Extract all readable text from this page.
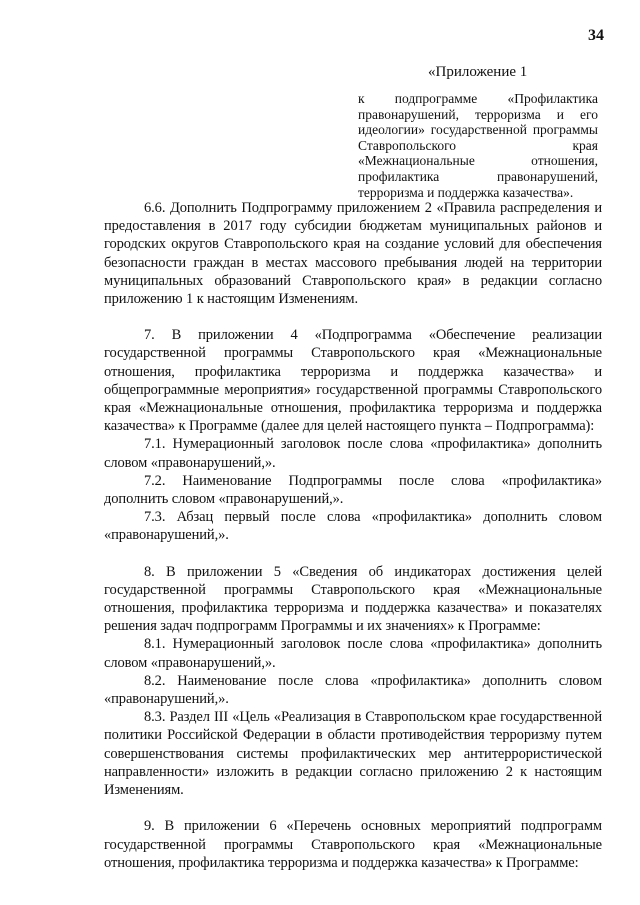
34
«Приложение 1
к подпрограмме «Профилактика правонарушений, терроризма и его идеологии» государственной программы Ставропольского края «Межнациональные отношения, профилактика правонарушений, терроризма и поддержка казачества».

6.6. Дополнить Подпрограмму приложением 2 «Правила распределения и предоставления в 2017 году субсидии бюджетам муниципальных районов и городских округов Ставропольского края на создание условий для обеспечения безопасности граждан в местах массового пребывания людей на территории муниципальных образований Ставропольского края» в редакции согласно приложению 1 к настоящим Изменениям.

7. В приложении 4 «Подпрограмма «Обеспечение реализации государственной программы Ставропольского края «Межнациональные отношения, профилактика терроризма и поддержка казачества» и общепрограммные мероприятия» государственной программы Ставропольского края «Межнациональные отношения, профилактика терроризма и поддержка казачества» к Программе (далее для целей настоящего пункта – Подпрограмма):

7.1. Нумерационный заголовок после слова «профилактика» дополнить словом «правонарушений,».

7.2. Наименование Подпрограммы после слова «профилактика» дополнить словом «правонарушений,».

7.3. Абзац первый после слова «профилактика» дополнить словом «правонарушений,».

8. В приложении 5 «Сведения об индикаторах достижения целей государственной программы Ставропольского края «Межнациональные отношения, профилактика терроризма и поддержка казачества» и показателях решения задач подпрограмм Программы и их значениях» к Программе:

8.1. Нумерационный заголовок после слова «профилактика» дополнить словом «правонарушений,».

8.2. Наименование после слова «профилактика» дополнить словом «правонарушений,».

8.3. Раздел III «Цель «Реализация в Ставропольском крае государственной политики Российской Федерации в области противодействия терроризму путем совершенствования системы профилактических мер антитеррористической направленности» изложить в редакции согласно приложению 2 к настоящим Изменениям.

9. В приложении 6 «Перечень основных мероприятий подпрограмм государственной программы Ставропольского края «Межнациональные отношения, профилактика терроризма и поддержка казачества» к Программе:
